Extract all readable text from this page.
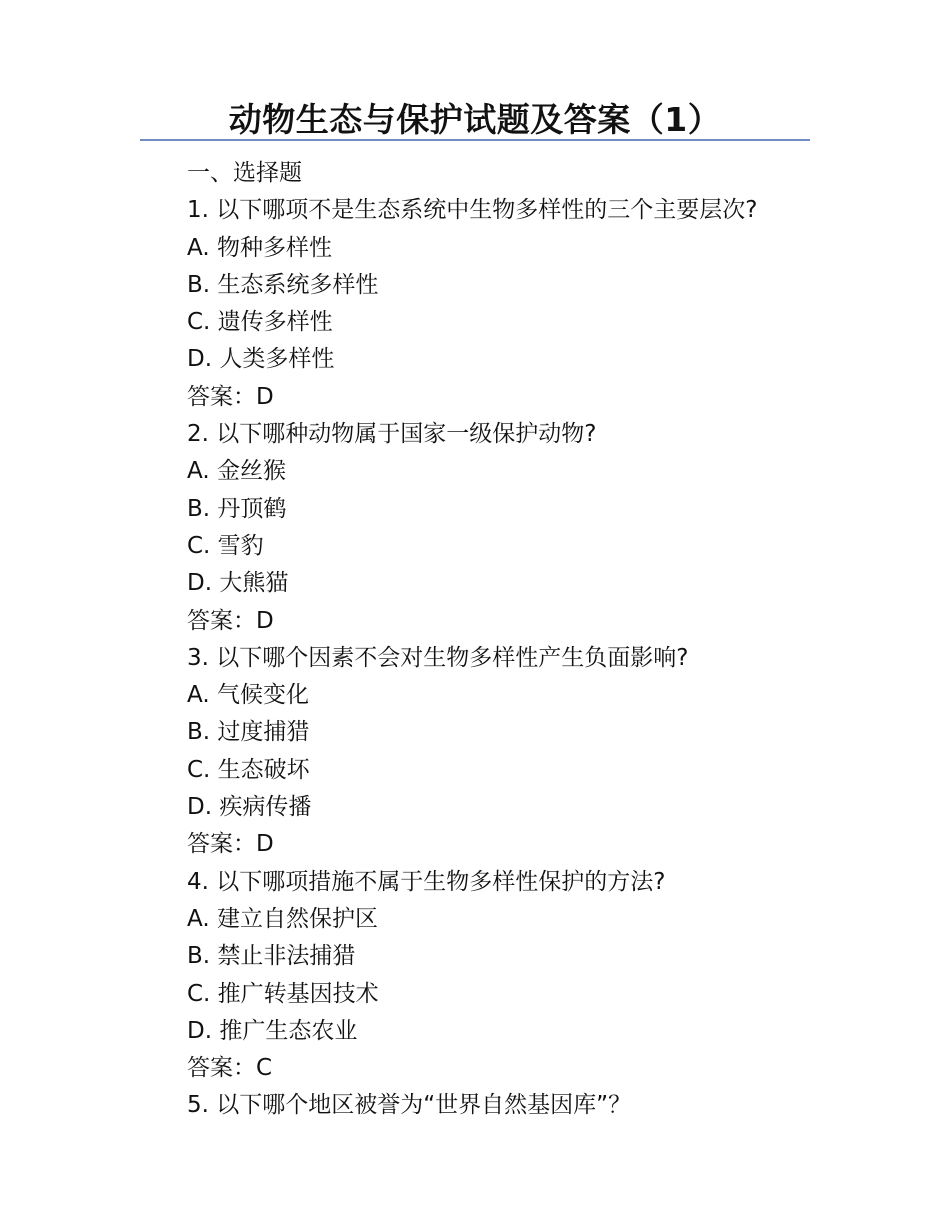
动物生态与保护试题及答案（1）
一、选择题
1. 以下哪项不是生态系统中生物多样性的三个主要层次?
A. 物种多样性
B. 生态系统多样性
C. 遗传多样性
D. 人类多样性
答案：D
2. 以下哪种动物属于国家一级保护动物?
A. 金丝猴
B. 丹顶鹤
C. 雪豹
D. 大熊猫
答案：D
3. 以下哪个因素不会对生物多样性产生负面影响?
A. 气候变化
B. 过度捕猎
C. 生态破坏
D. 疾病传播
答案：D
4. 以下哪项措施不属于生物多样性保护的方法?
A. 建立自然保护区
B. 禁止非法捕猎
C. 推广转基因技术
D. 推广生态农业
答案：C
5. 以下哪个地区被誉为“世界自然基因库”？
